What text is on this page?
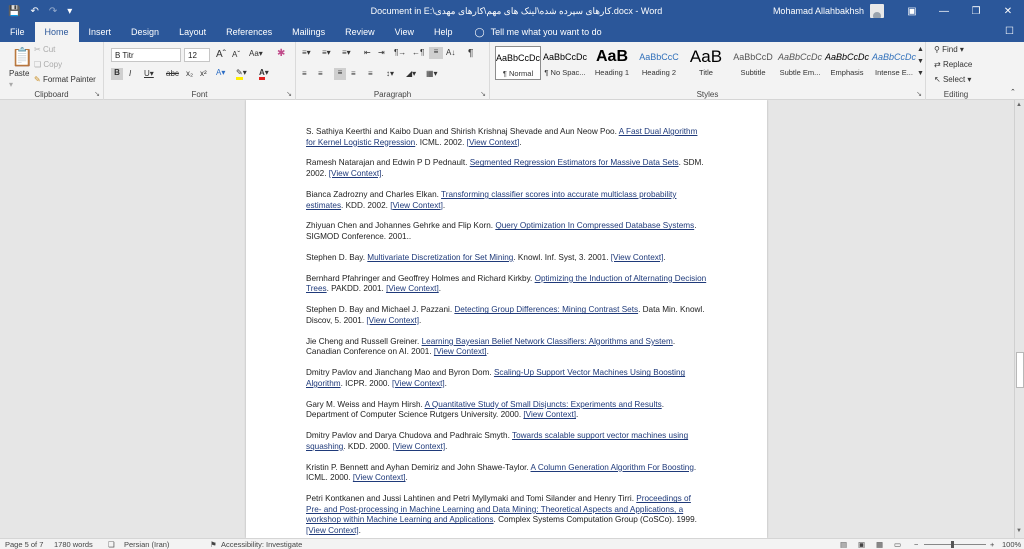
💾 ↶ ↷ ▾	Document in E:\کارهای سپرده شده\لینک های مهم\کارهای مهدی.docx - Word	Mohamad Allahbakhsh	▣	—	❐	✕
File	Home	Insert	Design	Layout	References	Mailings	Review	View	Help	◯ Tell me what you want to do	☐
📋
Paste
▾
✂ Cut
❏ Copy
✎ Format Painter
Clipboard	↘
B Titr	12	Aˆ Aˇ Aa▾ ✱
B	I U▾ abc x₂ x² A▾ ✎▾ A▾
Font	↘
≡▾ ≡▾ ≡▾ ⇤ ⇥ ¶→ ←¶	≡ A↓ ¶
≡ ≡	≡	≡ ≡ ↕▾ ◢▾ ▦▾
Paragraph	↘
AaBbCcDc
¶ Normal
AaBbCcDc
¶ No Spac...
AaB
Heading 1
AaBbCcC
Heading 2
AaB
Title
AaBbCcD
Subtitle
AaBbCcDc
Subtle Em...
AaBbCcDc
Emphasis
AaBbCcDc
Intense E...
▲
▼
▼
Styles	↘
⚲ Find ▾
⇄ Replace
↖ Select ▾
Editing	⌃

S. Sathiya Keerthi and Kaibo Duan and Shirish Krishnaj Shevade and Aun Neow Poo. A Fast Dual Algorithm for Kernel Logistic Regression. ICML. 2002. [View Context].

Ramesh Natarajan and Edwin P D Pednault. Segmented Regression Estimators for Massive Data Sets. SDM. 2002. [View Context].

Bianca Zadrozny and Charles Elkan. Transforming classifier scores into accurate multiclass probability estimates. KDD. 2002. [View Context].

Zhiyuan Chen and Johannes Gehrke and Flip Korn. Query Optimization In Compressed Database Systems. SIGMOD Conference. 2001..

Stephen D. Bay. Multivariate Discretization for Set Mining. Knowl. Inf. Syst, 3. 2001. [View Context].

Bernhard Pfahringer and Geoffrey Holmes and Richard Kirkby. Optimizing the Induction of Alternating Decision Trees. PAKDD. 2001. [View Context].

Stephen D. Bay and Michael J. Pazzani. Detecting Group Differences: Mining Contrast Sets. Data Min. Knowl. Discov, 5. 2001. [View Context].

Jie Cheng and Russell Greiner. Learning Bayesian Belief Network Classifiers: Algorithms and System. Canadian Conference on AI. 2001. [View Context].

Dmitry Pavlov and Jianchang Mao and Byron Dom. Scaling-Up Support Vector Machines Using Boosting Algorithm. ICPR. 2000. [View Context].

Gary M. Weiss and Haym Hirsh. A Quantitative Study of Small Disjuncts: Experiments and Results. Department of Computer Science Rutgers University. 2000. [View Context].

Dmitry Pavlov and Darya Chudova and Padhraic Smyth. Towards scalable support vector machines using squashing. KDD. 2000. [View Context].

Kristin P. Bennett and Ayhan Demiriz and John Shawe-Taylor. A Column Generation Algorithm For Boosting. ICML. 2000. [View Context].

Petri Kontkanen and Jussi Lahtinen and Petri Myllymaki and Tomi Silander and Henry Tirri. Proceedings of Pre- and Post-processing in Machine Learning and Data Mining: Theoretical Aspects and Applications, a workshop within Machine Learning and Applications. Complex Systems Computation Group (CoSCo). 1999. [View Context].

▲
▼
Page 5 of 7 1780 words ❏ Persian (Iran)	⚑ Accessibility: Investigate	▤ ▣ ▦ ▭ −	+ 100%
